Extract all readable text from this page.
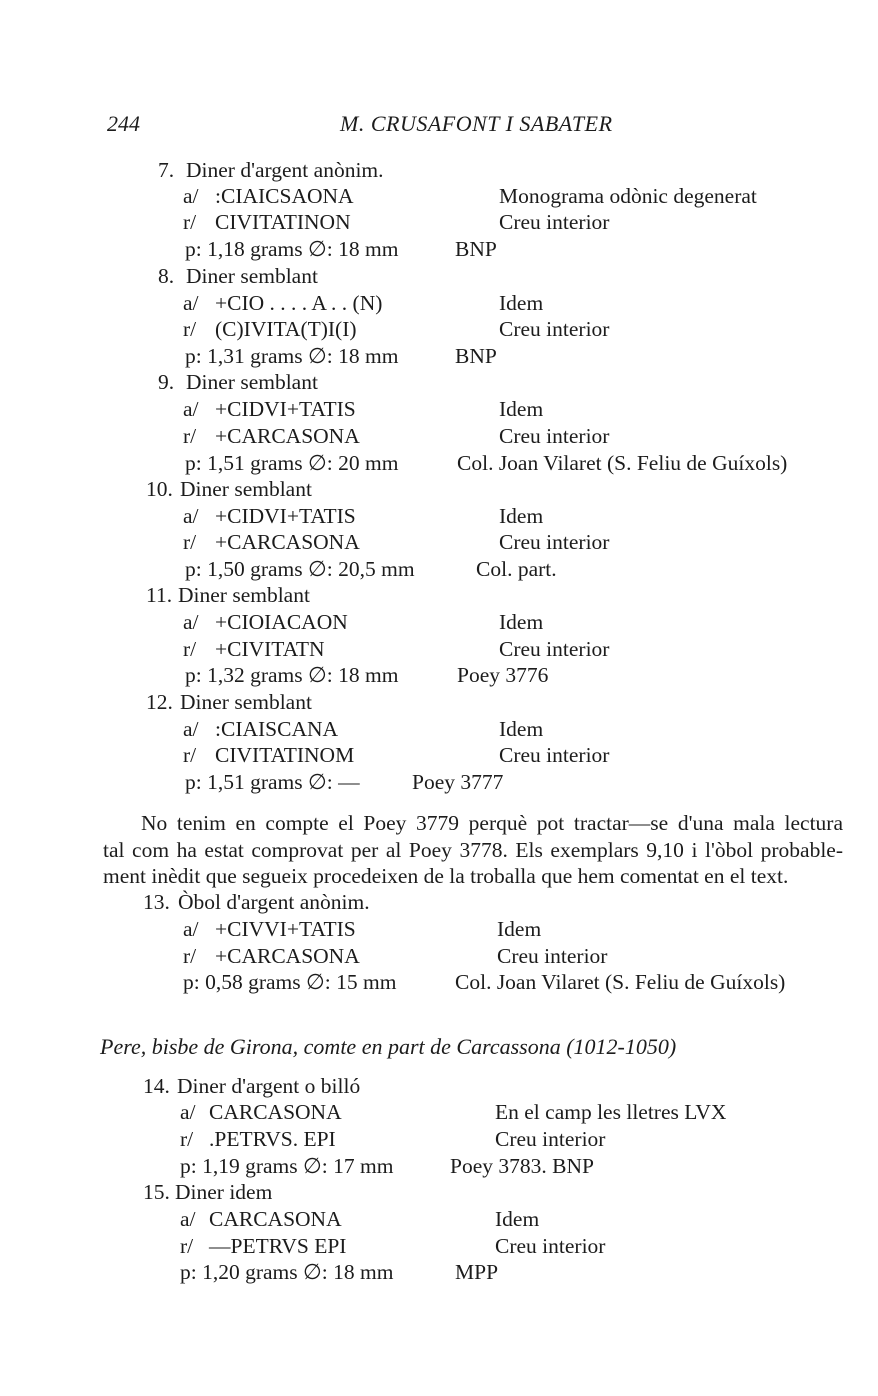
244	M. CRUSAFONT I SABATER
7. Diner d'argent anònim.
a/ :CIAICSAONA	Monograma odònic degenerat
r/ CIVITATINON	Creu interior
p: 1,18 grams ∅: 18 mm	BNP
8. Diner semblant
a/ +CIO . . . . A . . (N)	Idem
r/ (C)IVITA(T)I(I)	Creu interior
p: 1,31 grams ∅: 18 mm	BNP
9. Diner semblant
a/ +CIDVI+TATIS	Idem
r/ +CARCASONA	Creu interior
p: 1,51 grams ∅: 20 mm	Col. Joan Vilaret (S. Feliu de Guíxols)
10. Diner semblant
a/ +CIDVI+TATIS	Idem
r/ +CARCASONA	Creu interior
p: 1,50 grams ∅: 20,5 mm	Col. part.
11. Diner semblant
a/ +CIOIACAON	Idem
r/ +CIVITATN	Creu interior
p: 1,32 grams ∅: 18 mm	Poey 3776
12. Diner semblant
a/ :CIAISCANA	Idem
r/ CIVITATINOM	Creu interior
p: 1,51 grams ∅: — Poey 3777
No tenim en compte el Poey 3779 perquè pot tractar—se d'una mala lectura
tal com ha estat comprovat per al Poey 3778. Els exemplars 9,10 i l'òbol probable-
ment inèdit que segueix procedeixen de la troballa que hem comentat en el text.
13. Òbol d'argent anònim.
a/ +CIVVI+TATIS	Idem
r/ +CARCASONA	Creu interior
p: 0,58 grams ∅: 15 mm	Col. Joan Vilaret (S. Feliu de Guíxols)
Pere, bisbe de Girona, comte en part de Carcassona (1012-1050)
14. Diner d'argent o billó
a/ CARCASONA	En el camp les lletres LVX
r/ .PETRVS. EPI	Creu interior
p: 1,19 grams ∅: 17 mm	Poey 3783. BNP
15. Diner idem
a/ CARCASONA	Idem
r/ —PETRVS EPI	Creu interior
p: 1,20 grams ∅: 18 mm	MPP
